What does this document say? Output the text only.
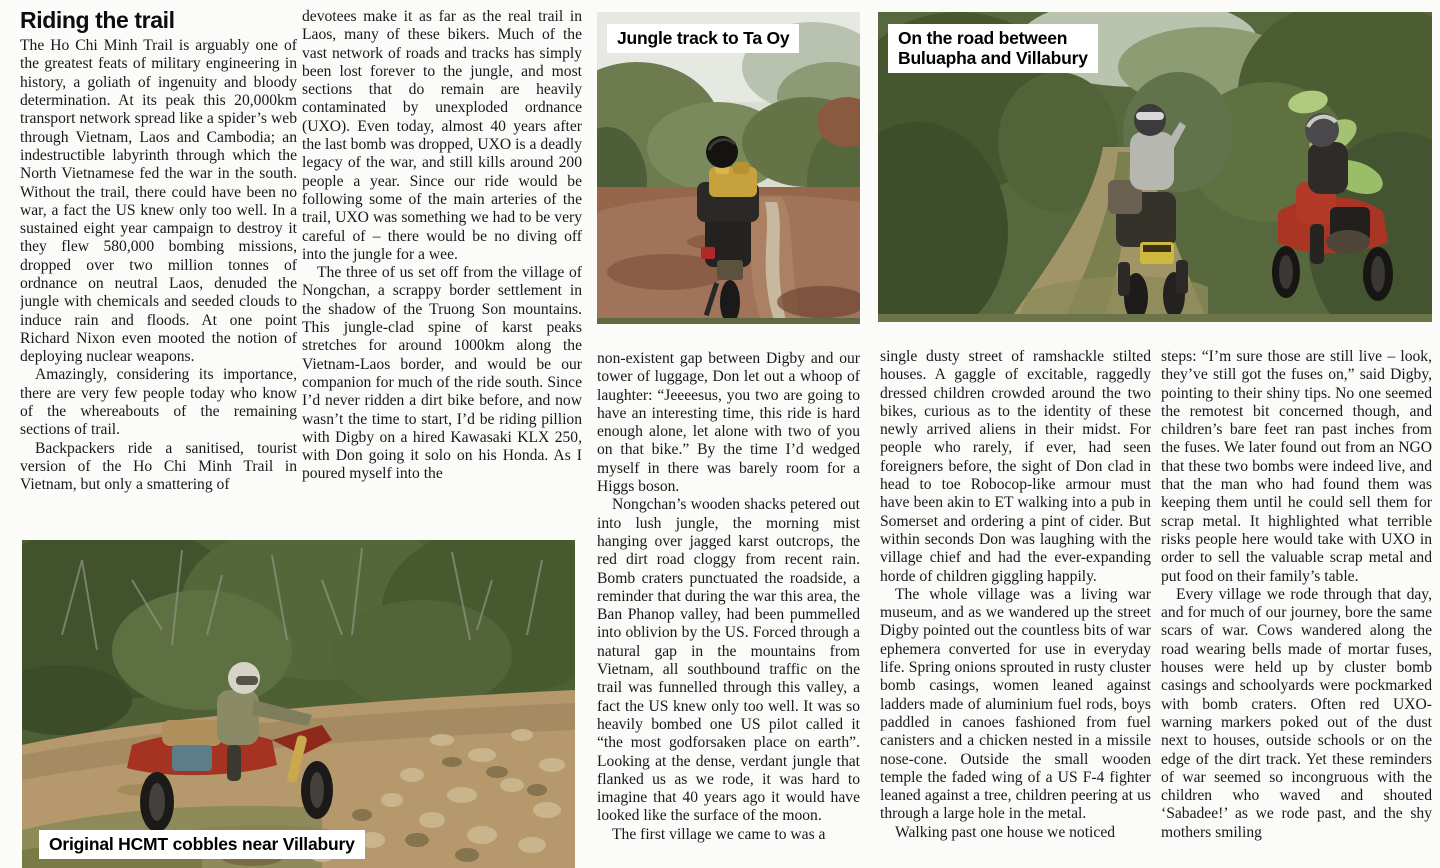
Riding the trail

The Ho Chi Minh Trail is arguably one of the greatest feats of military engineering in history, a goliath of ingenuity and bloody determination. At its peak this 20,000km transport network spread like a spider’s web through Vietnam, Laos and Cambodia; an indestructible labyrinth through which the North Vietnamese fed the war in the south. Without the trail, there could have been no war, a fact the US knew only too well. In a sustained eight year campaign to destroy it they flew 580,000 bombing missions, dropped over two million tonnes of ordnance on neutral Laos, denuded the jungle with chemicals and seeded clouds to induce rain and floods. At one point Richard Nixon even mooted the notion of deploying nuclear weapons.

Amazingly, considering its importance, there are very few people today who know of the whereabouts of the remaining sections of trail.

Backpackers ride a sanitised, tourist version of the Ho Chi Minh Trail in Vietnam, but only a smattering of

devotees make it as far as the real trail in Laos, many of these bikers. Much of the vast network of roads and tracks has simply been lost forever to the jungle, and most sections that do remain are heavily contaminated by unexploded ordnance (UXO). Even today, almost 40 years after the last bomb was dropped, UXO is a deadly legacy of the war, and still kills around 200 people a year. Since our ride would be following some of the main arteries of the trail, UXO was something we had to be very careful of – there would be no diving off into the jungle for a wee.

The three of us set off from the village of Nongchan, a scrappy border settlement in the shadow of the Truong Son mountains. This jungle-clad spine of karst peaks stretches for around 1000km along the Vietnam-Laos border, and would be our companion for much of the ride south. Since I’d never ridden a dirt bike before, and now wasn’t the time to start, I’d be riding pillion with Digby on a hired Kawasaki KLX 250, with Don going it solo on his Honda. As I poured myself into the

Jungle track to Ta Oy

non-existent gap between Digby and our tower of luggage, Don let out a whoop of laughter: “Jeeeesus, you two are going to have an interesting time, this ride is hard enough alone, let alone with two of you on that bike.” By the time I’d wedged myself in there was barely room for a Higgs boson.

Nongchan’s wooden shacks petered out into lush jungle, the morning mist hanging over jagged karst outcrops, the red dirt road cloggy from recent rain. Bomb craters punctuated the roadside, a reminder that during the war this area, the Ban Phanop valley, had been pummelled into oblivion by the US. Forced through a natural gap in the mountains from Vietnam, all southbound traffic on the trail was funnelled through this valley, a fact the US knew only too well. It was so heavily bombed one US pilot called it “the most godforsaken place on earth”. Looking at the dense, verdant jungle that flanked us as we rode, it was hard to imagine that 40 years ago it would have looked like the surface of the moon.

The first village we came to was a

On the road between
Buluapha and Villabury

single dusty street of ramshackle stilted houses. A gaggle of excitable, raggedly dressed children crowded around the two bikes, curious as to the identity of these newly arrived aliens in their midst. For people who rarely, if ever, had seen foreigners before, the sight of Don clad in head to toe Robocop-like armour must have been akin to ET walking into a pub in Somerset and ordering a pint of cider. But within seconds Don was laughing with the village chief and had the ever-expanding horde of children giggling happily.

The whole village was a living war museum, and as we wandered up the street Digby pointed out the countless bits of war ephemera converted for use in everyday life. Spring onions sprouted in rusty cluster bomb casings, women leaned against ladders made of aluminium fuel rods, boys paddled in canoes fashioned from fuel canisters and a chicken nested in a missile nose-cone. Outside the small wooden temple the faded wing of a US F-4 fighter leaned against a tree, children peering at us through a large hole in the metal.

Walking past one house we noticed

steps: “I’m sure those are still live – look, they’ve still got the fuses on,” said Digby, pointing to their shiny tips. No one seemed the remotest bit concerned though, and children’s bare feet ran past inches from the fuses. We later found out from an NGO that these two bombs were indeed live, and that the man who had found them was keeping them until he could sell them for scrap metal. It highlighted what terrible risks people here would take with UXO in order to sell the valuable scrap metal and put food on their family’s table.

Every village we rode through that day, and for much of our journey, bore the same scars of war. Cows wandered along the road wearing bells made of mortar fuses, houses were held up by cluster bomb casings and schoolyards were pockmarked with bomb craters. Often red UXO-warning markers poked out of the dust next to houses, outside schools or on the edge of the dirt track. Yet these reminders of war seemed so incongruous with the children who waved and shouted ‘Sabadee!’ as we rode past, and the shy mothers smiling

Original HCMT cobbles near Villabury
